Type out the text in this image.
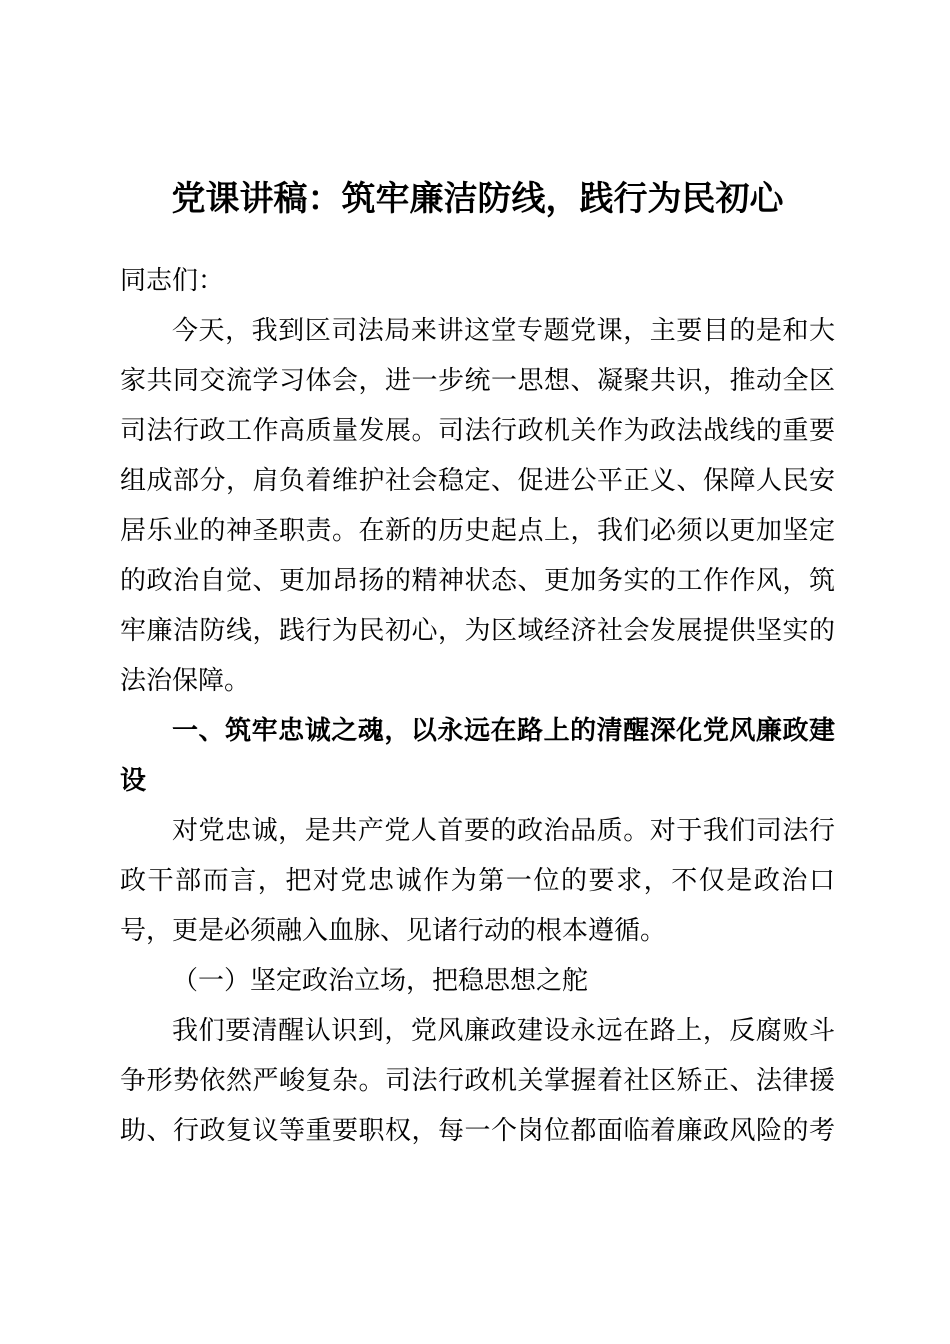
党课讲稿：筑牢廉洁防线，践行为民初心
同志们：
今天，我到区司法局来讲这堂专题党课，主要目的是和大
家共同交流学习体会，进一步统一思想、凝聚共识，推动全区
司法行政工作高质量发展。司法行政机关作为政法战线的重要
组成部分，肩负着维护社会稳定、促进公平正义、保障人民安
居乐业的神圣职责。在新的历史起点上，我们必须以更加坚定
的政治自觉、更加昂扬的精神状态、更加务实的工作作风，筑
牢廉洁防线，践行为民初心，为区域经济社会发展提供坚实的
法治保障。
一、筑牢忠诚之魂，以永远在路上的清醒深化党风廉政建
设
对党忠诚，是共产党人首要的政治品质。对于我们司法行
政干部而言，把对党忠诚作为第一位的要求，不仅是政治口
号，更是必须融入血脉、见诸行动的根本遵循。
（一）坚定政治立场，把稳思想之舵
我们要清醒认识到，党风廉政建设永远在路上，反腐败斗
争形势依然严峻复杂。司法行政机关掌握着社区矫正、法律援
助、行政复议等重要职权，每一个岗位都面临着廉政风险的考
